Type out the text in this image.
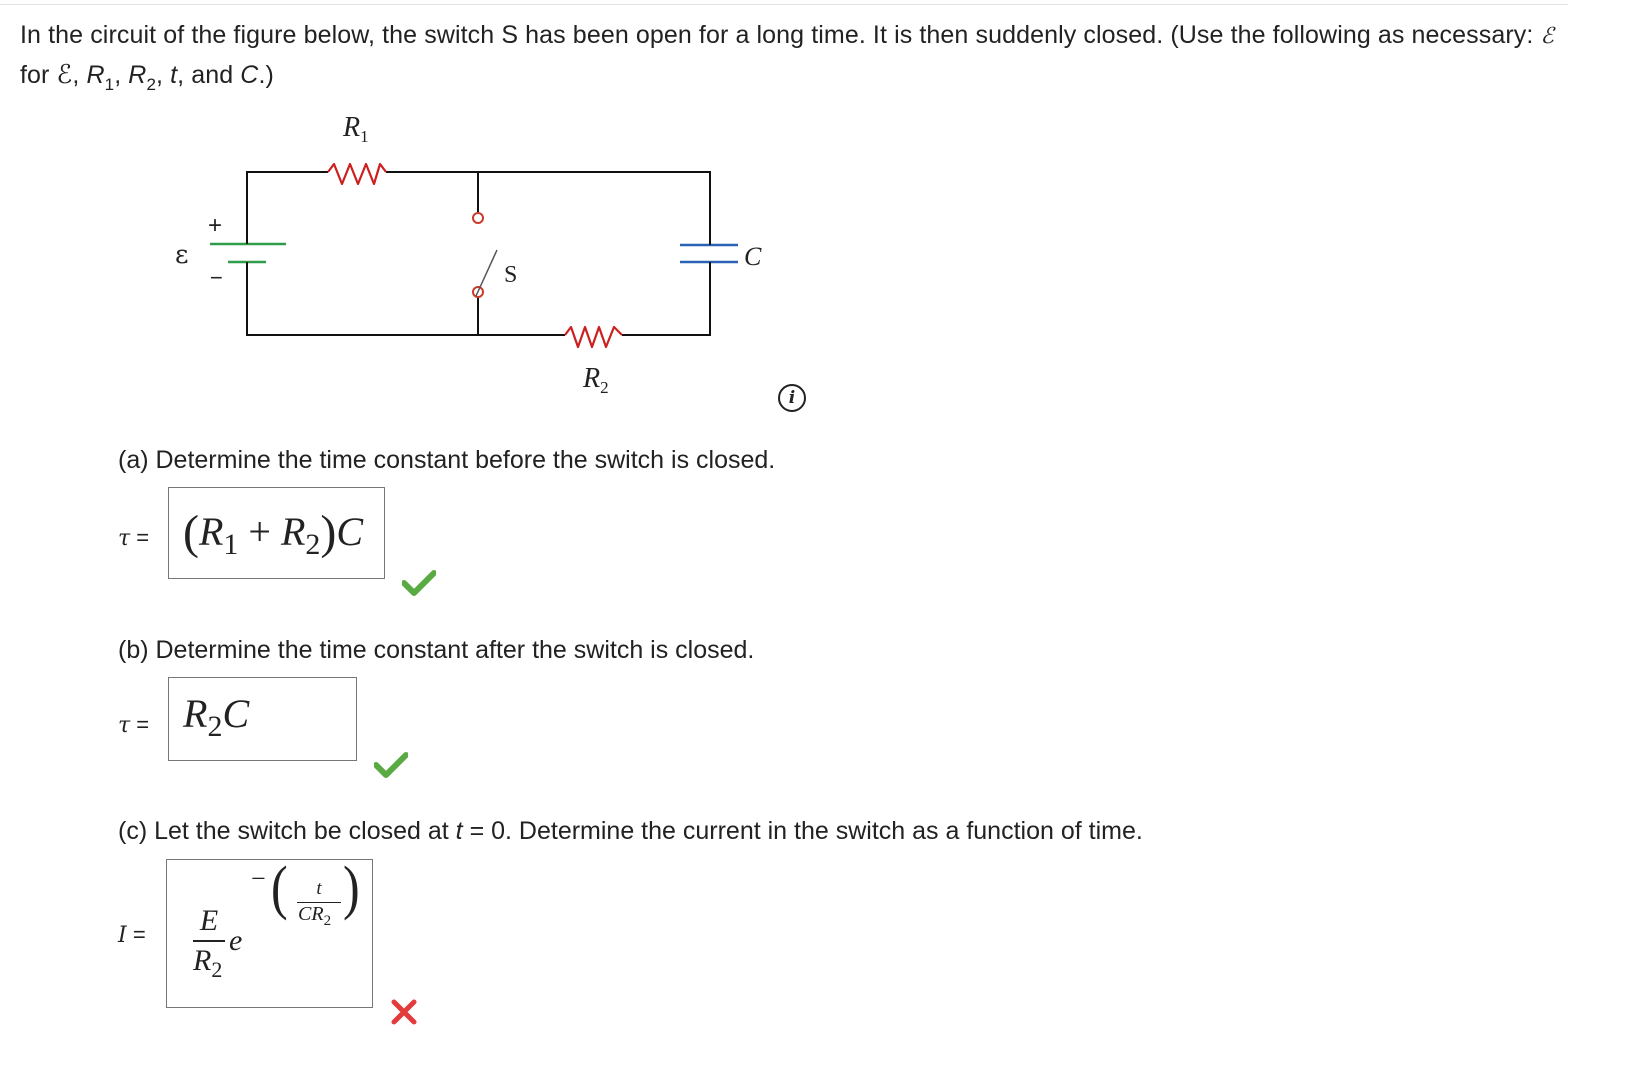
In the circuit of the figure below, the switch S has been open for a long time. It is then suddenly closed. (Use the following as necessary: ℰ for ℰ, $R_1$, $R_2$, t, and C.)
$R_1$
$R_2$
C
S
ε
+
−
i
(a) Determine the time constant before the switch is closed.
$\tau = (R_1 + R_2)C$
(b) Determine the time constant after the switch is closed.
$\tau = R_2C$
(c) Let the switch be closed at t = 0. Determine the current in the switch as a function of time.
I = E
$R_2$
e
− (	t
$CR_2$
)
